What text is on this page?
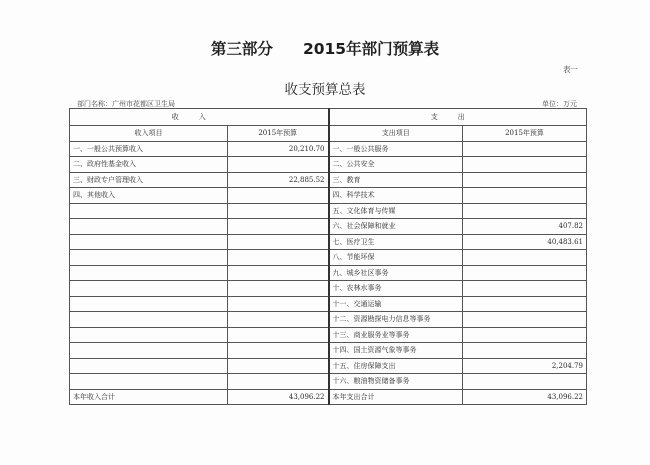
第三部分 2015年部门预算表
表一
收支预算总表
部门名称：广州市花都区卫生局	单位：万元
收入		支出	
收入项目	2015年预算	支出项目	2015年预算
一、一般公共预算收入	20,210.70	一、一般公共服务	
二、政府性基金收入		二、公共安全	
三、财政专户管理收入	22,885.52	三、教育	
四、其他收入		四、科学技术	
		五、文化体育与传媒	
		六、社会保障和就业	407.82
		七、医疗卫生	40,483.61
		八、节能环保	
		九、城乡社区事务	
		十、农林水事务	
		十一、交通运输	
		十二、资源勘探电力信息等事务	
		十三、商业服务业等事务	
		十四、国土资源气象等事务	
		十五、住房保障支出	2,204.79
		十六、粮油物资储备事务	
本年收入合计	43,096.22	本年支出合计	43,096.22
